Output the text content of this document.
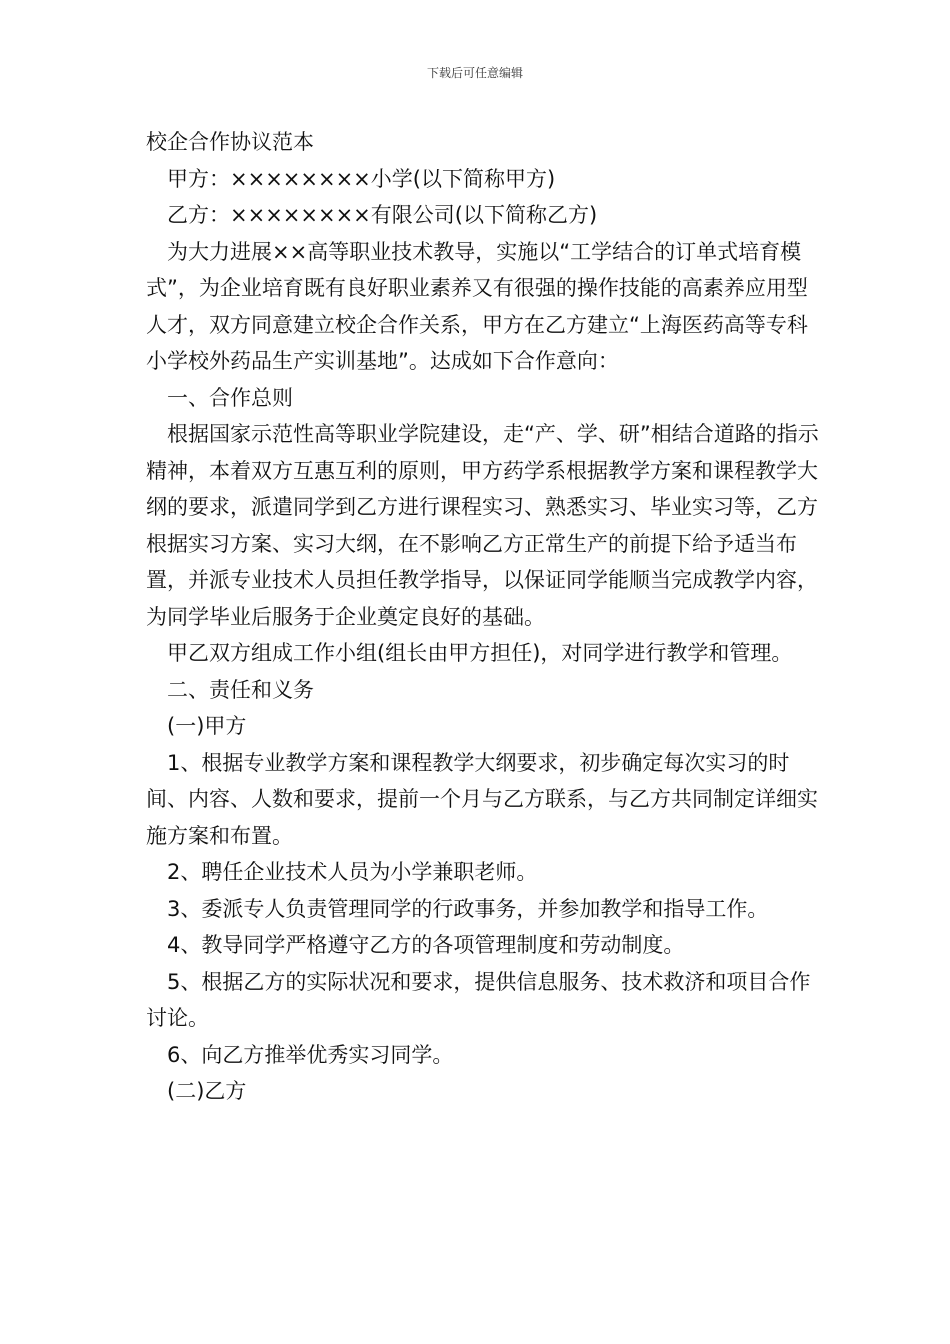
下载后可任意编辑

校企合作协议范本

甲方：××××××××小学(以下简称甲方)

乙方：××××××××有限公司(以下简称乙方)

为大力进展××高等职业技术教导，实施以“工学结合的订单式培育模式”，为企业培育既有良好职业素养又有很强的操作技能的高素养应用型人才，双方同意建立校企合作关系，甲方在乙方建立“上海医药高等专科小学校外药品生产实训基地”。达成如下合作意向：

一、合作总则

根据国家示范性高等职业学院建设，走“产、学、研”相结合道路的指示精神，本着双方互惠互利的原则，甲方药学系根据教学方案和课程教学大纲的要求，派遣同学到乙方进行课程实习、熟悉实习、毕业实习等，乙方根据实习方案、实习大纲，在不影响乙方正常生产的前提下给予适当布置，并派专业技术人员担任教学指导，以保证同学能顺当完成教学内容，为同学毕业后服务于企业奠定良好的基础。

甲乙双方组成工作小组(组长由甲方担任)，对同学进行教学和管理。

二、责任和义务

(一)甲方

1、根据专业教学方案和课程教学大纲要求，初步确定每次实习的时间、内容、人数和要求，提前一个月与乙方联系，与乙方共同制定详细实施方案和布置。

2、聘任企业技术人员为小学兼职老师。

3、委派专人负责管理同学的行政事务，并参加教学和指导工作。

4、教导同学严格遵守乙方的各项管理制度和劳动制度。

5、根据乙方的实际状况和要求，提供信息服务、技术救济和项目合作讨论。

6、向乙方推举优秀实习同学。

(二)乙方
